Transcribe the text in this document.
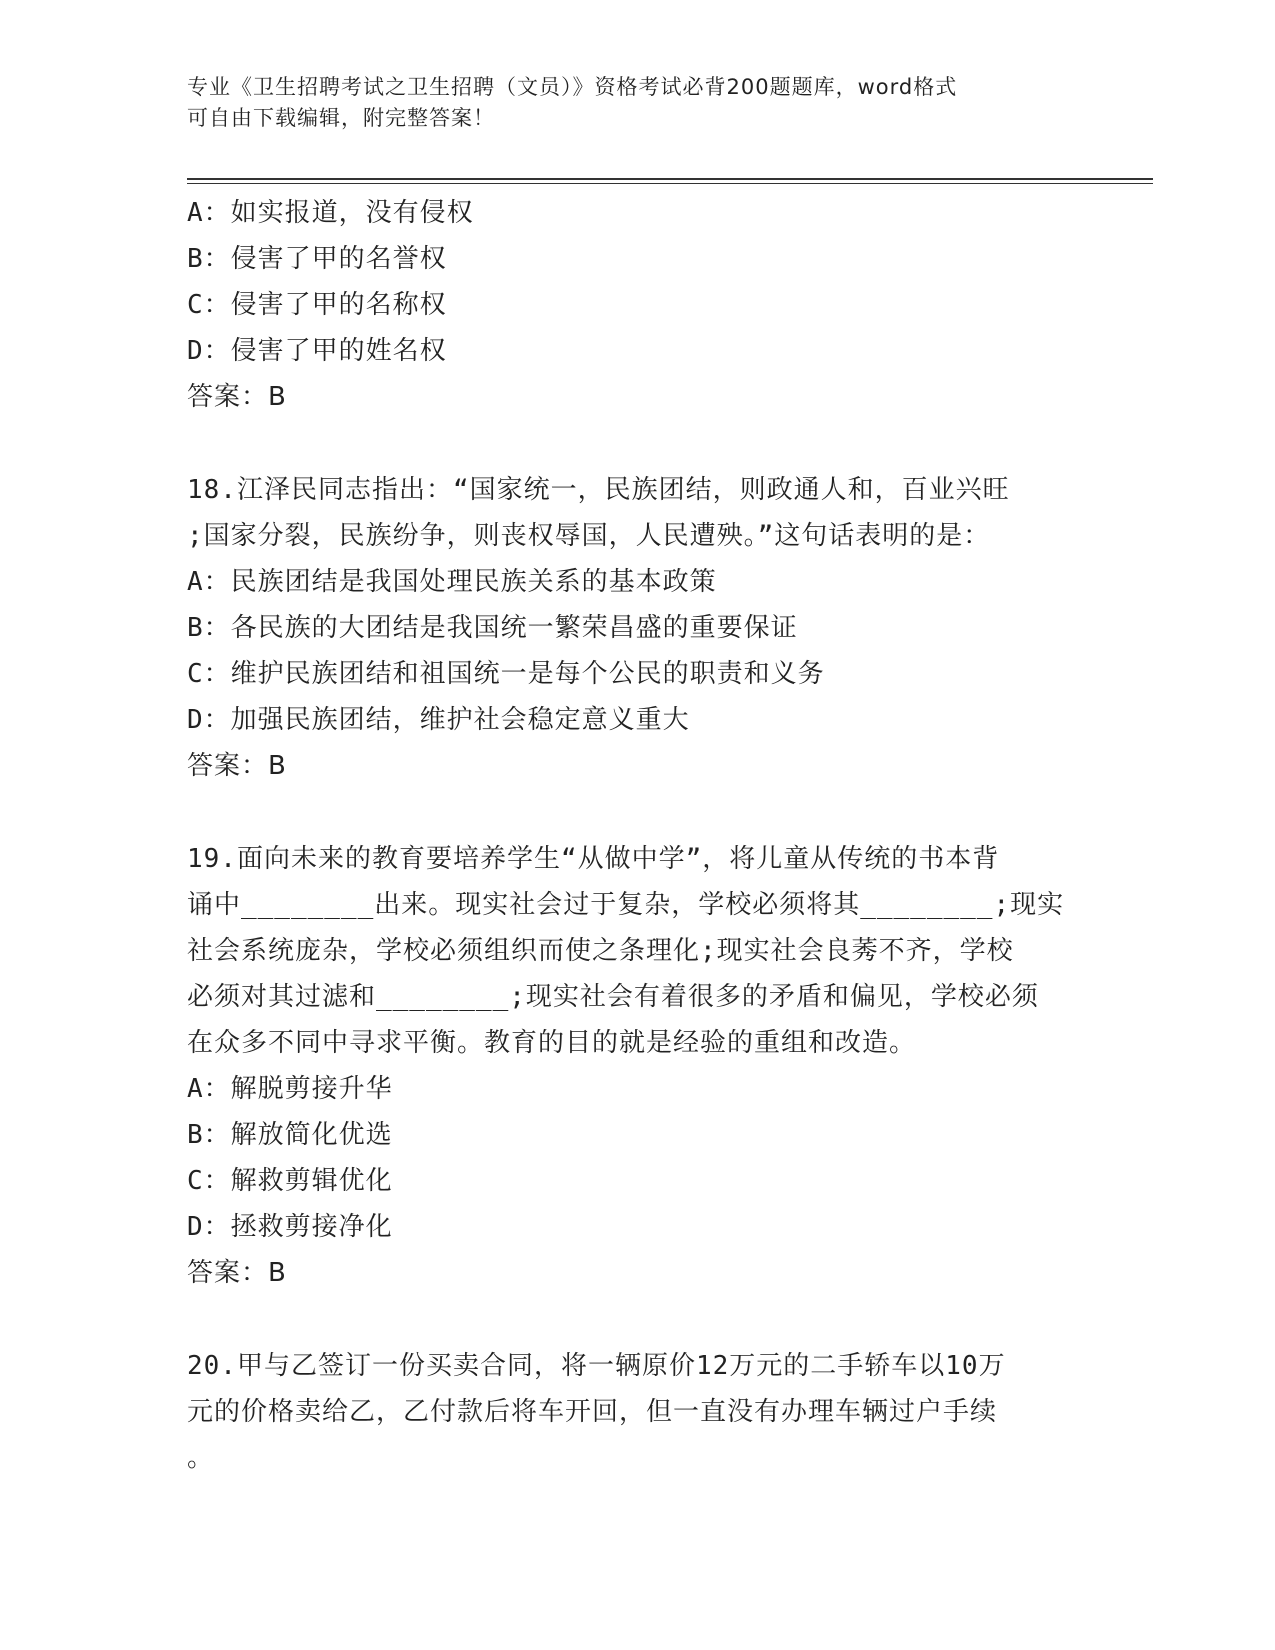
专业《卫生招聘考试之卫生招聘（文员）》资格考试必背200题题库，word格式
可自由下载编辑，附完整答案！
A：如实报道，没有侵权
B：侵害了甲的名誉权
C：侵害了甲的名称权
D：侵害了甲的姓名权
答案：B
18.江泽民同志指出：“国家统一，民族团结，则政通人和，百业兴旺
;国家分裂，民族纷争，则丧权辱国，人民遭殃。”这句话表明的是：
A：民族团结是我国处理民族关系的基本政策
B：各民族的大团结是我国统一繁荣昌盛的重要保证
C：维护民族团结和祖国统一是每个公民的职责和义务
D：加强民族团结，维护社会稳定意义重大
答案：B
19.面向未来的教育要培养学生“从做中学”，将儿童从传统的书本背
诵中________出来。现实社会过于复杂，学校必须将其________;现实
社会系统庞杂，学校必须组织而使之条理化;现实社会良莠不齐，学校
必须对其过滤和________;现实社会有着很多的矛盾和偏见，学校必须
在众多不同中寻求平衡。教育的目的就是经验的重组和改造。
A：解脱剪接升华
B：解放简化优选
C：解救剪辑优化
D：拯救剪接净化
答案：B
20.甲与乙签订一份买卖合同，将一辆原价12万元的二手轿车以10万
元的价格卖给乙，乙付款后将车开回，但一直没有办理车辆过户手续
。
